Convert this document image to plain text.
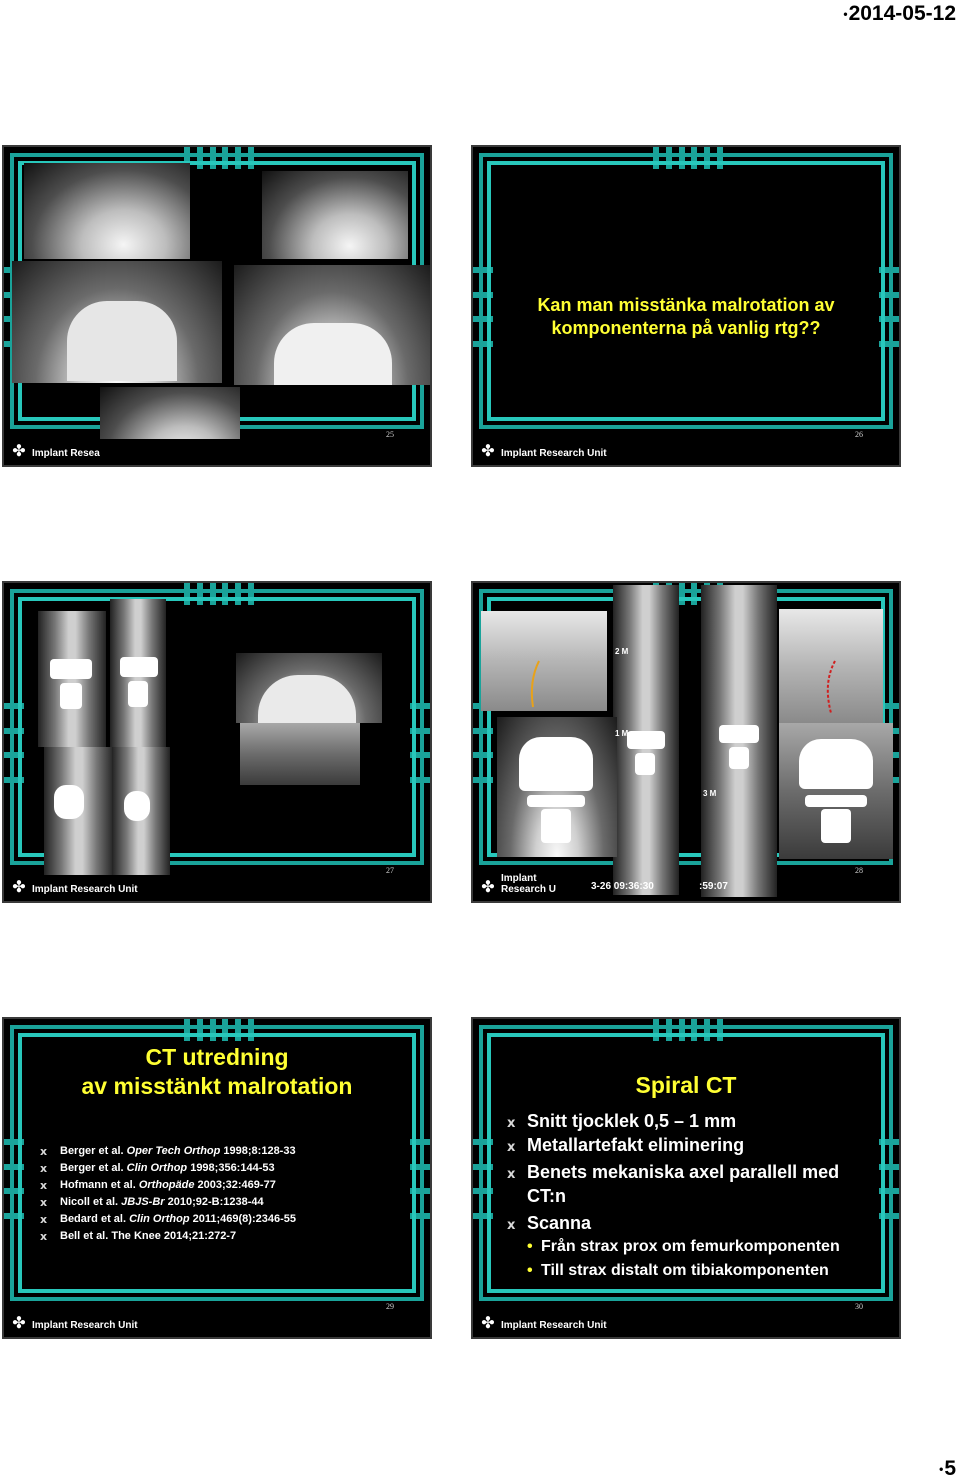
•2014-05-12
25
✤ Implant Resea
Kan man misstänka malrotation av
komponenterna på vanlig rtg??
26
✤ Implant Research Unit
27
✤ Implant Research Unit
2 M
1 M
3 M
3-26 09:36:30	:59:07
28
✤
Implant Research U
CT utredning
av misstänkt malrotation
x Berger et al. Oper Tech Orthop 1998;8:128-33
x Berger et al. Clin Orthop 1998;356:144-53
x Hofmann et al. Orthopäde 2003;32:469-77
x Nicoll et al. JBJS-Br 2010;92-B:1238-44
x Bedard et al. Clin Orthop 2011;469(8):2346-55
x Bell et al. The Knee 2014;21:272-7
29
✤ Implant Research Unit
Spiral CT
x Snitt tjocklek 0,5 – 1 mm
x Metallartefakt eliminering
x Benets mekaniska axel parallell med CT:n
x Scanna
• Från strax prox om femurkomponenten
• Till strax distalt om tibiakomponenten
30
✤ Implant Research Unit
•5
